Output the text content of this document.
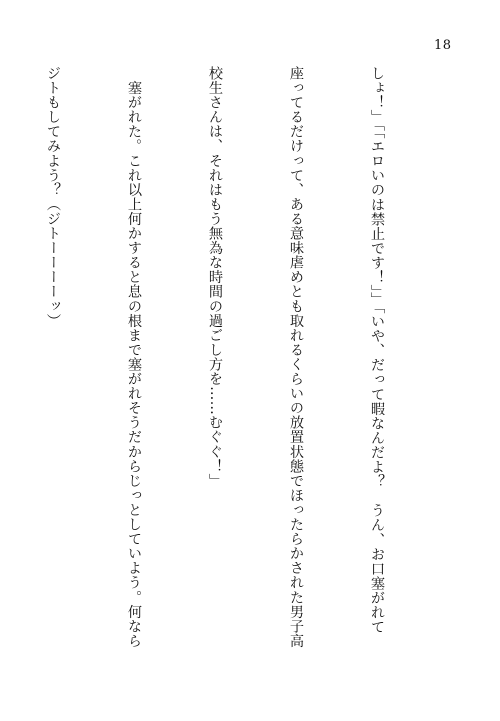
18

しょ！」「「エロいのは禁止です！」」「いや、だって暇なんだよ？　うん、お口塞がれて

座ってるだけって、ある意味虐めとも取れるくらいの放置状態でほったらかされた男子高

校生さんは、それはもう無為な時間の過ごし方を……むぐぐ！」

　塞がれた。これ以上何かすると息の根まで塞がれそうだからじっとしていよう。何なら

ジトもしてみよう？（ジトーーーーッ）
